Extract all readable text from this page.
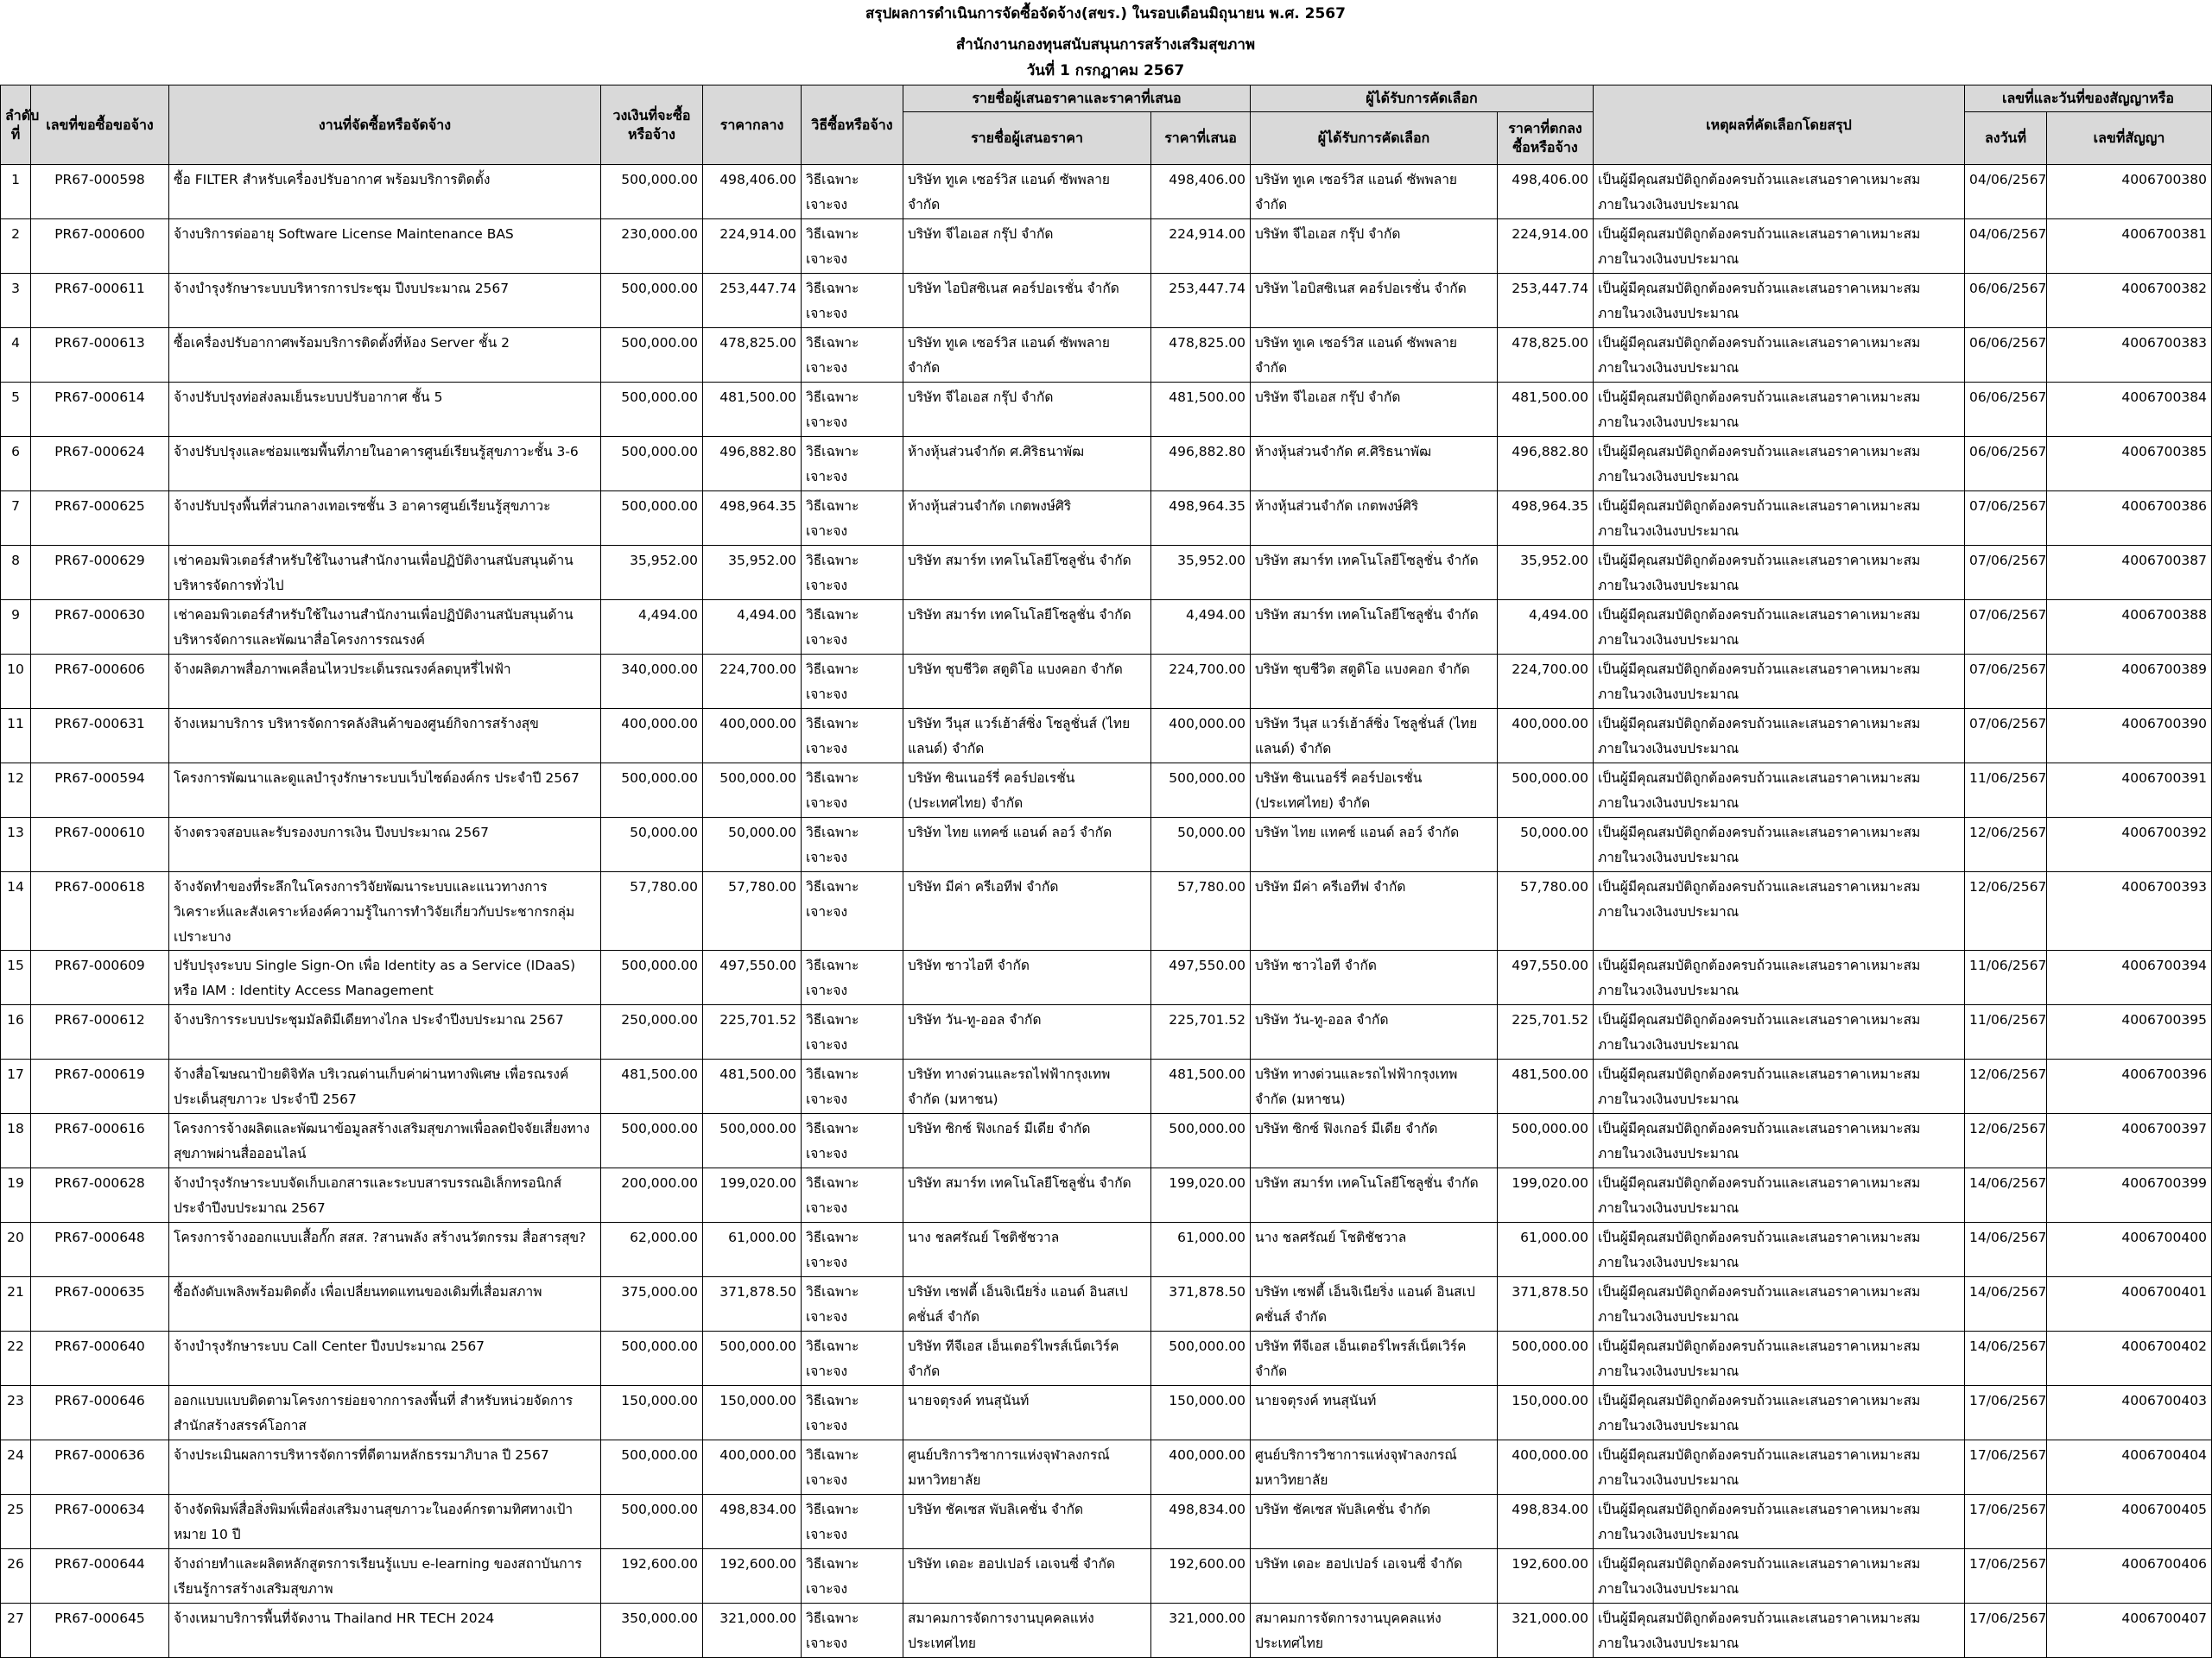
สรุปผลการดำเนินการจัดซื้อจัดจ้าง(สขร.) ในรอบเดือนมิถุนายน พ.ศ. 2567
สำนักงานกองทุนสนับสนุนการสร้างเสริมสุขภาพ
วันที่ 1 กรกฎาคม 2567
ลำดับที่	เลขที่ขอซื้อขอจ้าง	งานที่จัดซื้อหรือจัดจ้าง	วงเงินที่จะซื้อหรือจ้าง	ราคากลาง	วิธีซื้อหรือจ้าง	รายชื่อผู้เสนอราคาและราคาที่เสนอ		ผู้ได้รับการคัดเลือก		เหตุผลที่คัดเลือกโดยสรุป	เลขที่และวันที่ของสัญญาหรือ	
						รายชื่อผู้เสนอราคา	ราคาที่เสนอ	ผู้ได้รับการคัดเลือก	ราคาที่ตกลงซื้อหรือจ้าง		ลงวันที่	เลขที่สัญญา
1	PR67-000598	ซื้อ FILTER สำหรับเครื่องปรับอากาศ พร้อมบริการติดตั้ง	500,000.00	498,406.00	วิธีเฉพาะเจาะจง	บริษัท ทูเค เซอร์วิส แอนด์ ซัพพลาย จำกัด	498,406.00	บริษัท ทูเค เซอร์วิส แอนด์ ซัพพลาย จำกัด	498,406.00	เป็นผู้มีคุณสมบัติถูกต้องครบถ้วนและเสนอราคาเหมาะสมภายในวงเงินงบประมาณ	04/06/2567	4006700380
2	PR67-000600	จ้างบริการต่ออายุ Software License Maintenance BAS	230,000.00	224,914.00	วิธีเฉพาะเจาะจง	บริษัท จีไอเอส กรุ๊ป จำกัด	224,914.00	บริษัท จีไอเอส กรุ๊ป จำกัด	224,914.00	เป็นผู้มีคุณสมบัติถูกต้องครบถ้วนและเสนอราคาเหมาะสมภายในวงเงินงบประมาณ	04/06/2567	4006700381
3	PR67-000611	จ้างบำรุงรักษาระบบบริหารการประชุม ปีงบประมาณ 2567	500,000.00	253,447.74	วิธีเฉพาะเจาะจง	บริษัท ไอบิสซิเนส คอร์ปอเรชั่น จำกัด	253,447.74	บริษัท ไอบิสซิเนส คอร์ปอเรชั่น จำกัด	253,447.74	เป็นผู้มีคุณสมบัติถูกต้องครบถ้วนและเสนอราคาเหมาะสมภายในวงเงินงบประมาณ	06/06/2567	4006700382
4	PR67-000613	ซื้อเครื่องปรับอากาศพร้อมบริการติดตั้งที่ห้อง Server ชั้น 2	500,000.00	478,825.00	วิธีเฉพาะเจาะจง	บริษัท ทูเค เซอร์วิส แอนด์ ซัพพลาย จำกัด	478,825.00	บริษัท ทูเค เซอร์วิส แอนด์ ซัพพลาย จำกัด	478,825.00	เป็นผู้มีคุณสมบัติถูกต้องครบถ้วนและเสนอราคาเหมาะสมภายในวงเงินงบประมาณ	06/06/2567	4006700383
5	PR67-000614	จ้างปรับปรุงท่อส่งลมเย็นระบบปรับอากาศ ชั้น 5	500,000.00	481,500.00	วิธีเฉพาะเจาะจง	บริษัท จีไอเอส กรุ๊ป จำกัด	481,500.00	บริษัท จีไอเอส กรุ๊ป จำกัด	481,500.00	เป็นผู้มีคุณสมบัติถูกต้องครบถ้วนและเสนอราคาเหมาะสมภายในวงเงินงบประมาณ	06/06/2567	4006700384
6	PR67-000624	จ้างปรับปรุงและซ่อมแซมพื้นที่ภายในอาคารศูนย์เรียนรู้สุขภาวะชั้น 3-6	500,000.00	496,882.80	วิธีเฉพาะเจาะจง	ห้างหุ้นส่วนจำกัด ศ.ศิริธนาพัฒ	496,882.80	ห้างหุ้นส่วนจำกัด ศ.ศิริธนาพัฒ	496,882.80	เป็นผู้มีคุณสมบัติถูกต้องครบถ้วนและเสนอราคาเหมาะสมภายในวงเงินงบประมาณ	06/06/2567	4006700385
7	PR67-000625	จ้างปรับปรุงพื้นที่ส่วนกลางเทอเรซชั้น 3 อาคารศูนย์เรียนรู้สุขภาวะ	500,000.00	498,964.35	วิธีเฉพาะเจาะจง	ห้างหุ้นส่วนจำกัด เกตพงษ์ศิริ	498,964.35	ห้างหุ้นส่วนจำกัด เกตพงษ์ศิริ	498,964.35	เป็นผู้มีคุณสมบัติถูกต้องครบถ้วนและเสนอราคาเหมาะสมภายในวงเงินงบประมาณ	07/06/2567	4006700386
8	PR67-000629	เช่าคอมพิวเตอร์สำหรับใช้ในงานสำนักงานเพื่อปฏิบัติงานสนับสนุนด้านบริหารจัดการทั่วไป	35,952.00	35,952.00	วิธีเฉพาะเจาะจง	บริษัท สมาร์ท เทคโนโลยีโซลูชั่น จำกัด	35,952.00	บริษัท สมาร์ท เทคโนโลยีโซลูชั่น จำกัด	35,952.00	เป็นผู้มีคุณสมบัติถูกต้องครบถ้วนและเสนอราคาเหมาะสมภายในวงเงินงบประมาณ	07/06/2567	4006700387
9	PR67-000630	เช่าคอมพิวเตอร์สำหรับใช้ในงานสำนักงานเพื่อปฏิบัติงานสนับสนุนด้านบริหารจัดการและพัฒนาสื่อโครงการรณรงค์	4,494.00	4,494.00	วิธีเฉพาะเจาะจง	บริษัท สมาร์ท เทคโนโลยีโซลูชั่น จำกัด	4,494.00	บริษัท สมาร์ท เทคโนโลยีโซลูชั่น จำกัด	4,494.00	เป็นผู้มีคุณสมบัติถูกต้องครบถ้วนและเสนอราคาเหมาะสมภายในวงเงินงบประมาณ	07/06/2567	4006700388
10	PR67-000606	จ้างผลิตภาพสื่อภาพเคลื่อนไหวประเด็นรณรงค์ลดบุหรี่ไฟฟ้า	340,000.00	224,700.00	วิธีเฉพาะเจาะจง	บริษัท ชุบชีวิต สตูดิโอ แบงคอก จำกัด	224,700.00	บริษัท ชุบชีวิต สตูดิโอ แบงคอก จำกัด	224,700.00	เป็นผู้มีคุณสมบัติถูกต้องครบถ้วนและเสนอราคาเหมาะสมภายในวงเงินงบประมาณ	07/06/2567	4006700389
11	PR67-000631	จ้างเหมาบริการ บริหารจัดการคลังสินค้าของศูนย์กิจการสร้างสุข	400,000.00	400,000.00	วิธีเฉพาะเจาะจง	บริษัท วีนุส แวร์เฮ้าส์ซิ่ง โซลูชั่นส์ (ไทยแลนด์) จำกัด	400,000.00	บริษัท วีนุส แวร์เฮ้าส์ซิ่ง โซลูชั่นส์ (ไทยแลนด์) จำกัด	400,000.00	เป็นผู้มีคุณสมบัติถูกต้องครบถ้วนและเสนอราคาเหมาะสมภายในวงเงินงบประมาณ	07/06/2567	4006700390
12	PR67-000594	โครงการพัฒนาและดูแลบำรุงรักษาระบบเว็บไซต์องค์กร ประจำปี 2567	500,000.00	500,000.00	วิธีเฉพาะเจาะจง	บริษัท ซินเนอร์รี่ คอร์ปอเรชั่น (ประเทศไทย) จำกัด	500,000.00	บริษัท ซินเนอร์รี่ คอร์ปอเรชั่น (ประเทศไทย) จำกัด	500,000.00	เป็นผู้มีคุณสมบัติถูกต้องครบถ้วนและเสนอราคาเหมาะสมภายในวงเงินงบประมาณ	11/06/2567	4006700391
13	PR67-000610	จ้างตรวจสอบและรับรองงบการเงิน ปีงบประมาณ 2567	50,000.00	50,000.00	วิธีเฉพาะเจาะจง	บริษัท ไทย แทคซ์ แอนด์ ลอว์ จำกัด	50,000.00	บริษัท ไทย แทคซ์ แอนด์ ลอว์ จำกัด	50,000.00	เป็นผู้มีคุณสมบัติถูกต้องครบถ้วนและเสนอราคาเหมาะสมภายในวงเงินงบประมาณ	12/06/2567	4006700392
14	PR67-000618	จ้างจัดทำของที่ระลึกในโครงการวิจัยพัฒนาระบบและแนวทางการวิเคราะห์และสังเคราะห์องค์ความรู้ในการทำวิจัยเกี่ยวกับประชากรกลุ่มเปราะบาง	57,780.00	57,780.00	วิธีเฉพาะเจาะจง	บริษัท มีค่า ครีเอทีฟ จำกัด	57,780.00	บริษัท มีค่า ครีเอทีฟ จำกัด	57,780.00	เป็นผู้มีคุณสมบัติถูกต้องครบถ้วนและเสนอราคาเหมาะสมภายในวงเงินงบประมาณ	12/06/2567	4006700393
15	PR67-000609	ปรับปรุงระบบ Single Sign-On เพื่อ Identity as a Service (IDaaS) หรือ IAM : Identity Access Management	500,000.00	497,550.00	วิธีเฉพาะเจาะจง	บริษัท ซาวไอที จำกัด	497,550.00	บริษัท ซาวไอที จำกัด	497,550.00	เป็นผู้มีคุณสมบัติถูกต้องครบถ้วนและเสนอราคาเหมาะสมภายในวงเงินงบประมาณ	11/06/2567	4006700394
16	PR67-000612	จ้างบริการระบบประชุมมัลติมีเดียทางไกล ประจำปีงบประมาณ 2567	250,000.00	225,701.52	วิธีเฉพาะเจาะจง	บริษัท วัน-ทู-ออล จำกัด	225,701.52	บริษัท วัน-ทู-ออล จำกัด	225,701.52	เป็นผู้มีคุณสมบัติถูกต้องครบถ้วนและเสนอราคาเหมาะสมภายในวงเงินงบประมาณ	11/06/2567	4006700395
17	PR67-000619	จ้างสื่อโฆษณาป้ายดิจิทัล บริเวณด่านเก็บค่าผ่านทางพิเศษ เพื่อรณรงค์ประเด็นสุขภาวะ ประจำปี 2567	481,500.00	481,500.00	วิธีเฉพาะเจาะจง	บริษัท ทางด่วนและรถไฟฟ้ากรุงเทพ จำกัด (มหาชน)	481,500.00	บริษัท ทางด่วนและรถไฟฟ้ากรุงเทพ จำกัด (มหาชน)	481,500.00	เป็นผู้มีคุณสมบัติถูกต้องครบถ้วนและเสนอราคาเหมาะสมภายในวงเงินงบประมาณ	12/06/2567	4006700396
18	PR67-000616	โครงการจ้างผลิตและพัฒนาข้อมูลสร้างเสริมสุขภาพเพื่อลดปัจจัยเสี่ยงทางสุขภาพผ่านสื่อออนไลน์	500,000.00	500,000.00	วิธีเฉพาะเจาะจง	บริษัท ซิกซ์ ฟิงเกอร์ มีเดีย จำกัด	500,000.00	บริษัท ซิกซ์ ฟิงเกอร์ มีเดีย จำกัด	500,000.00	เป็นผู้มีคุณสมบัติถูกต้องครบถ้วนและเสนอราคาเหมาะสมภายในวงเงินงบประมาณ	12/06/2567	4006700397
19	PR67-000628	จ้างบำรุงรักษาระบบจัดเก็บเอกสารและระบบสารบรรณอิเล็กทรอนิกส์ประจำปีงบประมาณ 2567	200,000.00	199,020.00	วิธีเฉพาะเจาะจง	บริษัท สมาร์ท เทคโนโลยีโซลูชั่น จำกัด	199,020.00	บริษัท สมาร์ท เทคโนโลยีโซลูชั่น จำกัด	199,020.00	เป็นผู้มีคุณสมบัติถูกต้องครบถ้วนและเสนอราคาเหมาะสมภายในวงเงินงบประมาณ	14/06/2567	4006700399
20	PR67-000648	โครงการจ้างออกแบบเสื้อกั๊ก สสส. ?สานพลัง สร้างนวัตกรรม สื่อสารสุข?	62,000.00	61,000.00	วิธีเฉพาะเจาะจง	นาง ชลศรัณย์ โชติชัชวาล	61,000.00	นาง ชลศรัณย์ โชติชัชวาล	61,000.00	เป็นผู้มีคุณสมบัติถูกต้องครบถ้วนและเสนอราคาเหมาะสมภายในวงเงินงบประมาณ	14/06/2567	4006700400
21	PR67-000635	ซื้อถังดับเพลิงพร้อมติดตั้ง เพื่อเปลี่ยนทดแทนของเดิมที่เสื่อมสภาพ	375,000.00	371,878.50	วิธีเฉพาะเจาะจง	บริษัท เซฟตี้ เอ็นจิเนียริ่ง แอนด์ อินสเปคชั่นส์ จำกัด	371,878.50	บริษัท เซฟตี้ เอ็นจิเนียริ่ง แอนด์ อินสเปคชั่นส์ จำกัด	371,878.50	เป็นผู้มีคุณสมบัติถูกต้องครบถ้วนและเสนอราคาเหมาะสมภายในวงเงินงบประมาณ	14/06/2567	4006700401
22	PR67-000640	จ้างบำรุงรักษาระบบ Call Center ปีงบประมาณ 2567	500,000.00	500,000.00	วิธีเฉพาะเจาะจง	บริษัท ทีจีเอส เอ็นเตอร์ไพรส์เน็ตเวิร์ค จำกัด	500,000.00	บริษัท ทีจีเอส เอ็นเตอร์ไพรส์เน็ตเวิร์ค จำกัด	500,000.00	เป็นผู้มีคุณสมบัติถูกต้องครบถ้วนและเสนอราคาเหมาะสมภายในวงเงินงบประมาณ	14/06/2567	4006700402
23	PR67-000646	ออกแบบแบบติดตามโครงการย่อยจากการลงพื้นที่ สำหรับหน่วยจัดการสำนักสร้างสรรค์โอกาส	150,000.00	150,000.00	วิธีเฉพาะเจาะจง	นายจตุรงค์ ทนสุนันท์	150,000.00	นายจตุรงค์ ทนสุนันท์	150,000.00	เป็นผู้มีคุณสมบัติถูกต้องครบถ้วนและเสนอราคาเหมาะสมภายในวงเงินงบประมาณ	17/06/2567	4006700403
24	PR67-000636	จ้างประเมินผลการบริหารจัดการที่ดีตามหลักธรรมาภิบาล ปี 2567	500,000.00	400,000.00	วิธีเฉพาะเจาะจง	ศูนย์บริการวิชาการแห่งจุฬาลงกรณ์มหาวิทยาลัย	400,000.00	ศูนย์บริการวิชาการแห่งจุฬาลงกรณ์มหาวิทยาลัย	400,000.00	เป็นผู้มีคุณสมบัติถูกต้องครบถ้วนและเสนอราคาเหมาะสมภายในวงเงินงบประมาณ	17/06/2567	4006700404
25	PR67-000634	จ้างจัดพิมพ์สื่อสิ่งพิมพ์เพื่อส่งเสริมงานสุขภาวะในองค์กรตามทิศทางเป้าหมาย 10 ปี	500,000.00	498,834.00	วิธีเฉพาะเจาะจง	บริษัท ชัคเซส พับลิเคชั่น จำกัด	498,834.00	บริษัท ชัคเซส พับลิเคชั่น จำกัด	498,834.00	เป็นผู้มีคุณสมบัติถูกต้องครบถ้วนและเสนอราคาเหมาะสมภายในวงเงินงบประมาณ	17/06/2567	4006700405
26	PR67-000644	จ้างถ่ายทำและผลิตหลักสูตรการเรียนรู้แบบ e-learning ของสถาบันการเรียนรู้การสร้างเสริมสุขภาพ	192,600.00	192,600.00	วิธีเฉพาะเจาะจง	บริษัท เดอะ ฮอปเปอร์ เอเจนซี่ จำกัด	192,600.00	บริษัท เดอะ ฮอปเปอร์ เอเจนซี่ จำกัด	192,600.00	เป็นผู้มีคุณสมบัติถูกต้องครบถ้วนและเสนอราคาเหมาะสมภายในวงเงินงบประมาณ	17/06/2567	4006700406
27	PR67-000645	จ้างเหมาบริการพื้นที่จัดงาน Thailand HR TECH 2024	350,000.00	321,000.00	วิธีเฉพาะเจาะจง	สมาคมการจัดการงานบุคคลแห่งประเทศไทย	321,000.00	สมาคมการจัดการงานบุคคลแห่งประเทศไทย	321,000.00	เป็นผู้มีคุณสมบัติถูกต้องครบถ้วนและเสนอราคาเหมาะสมภายในวงเงินงบประมาณ	17/06/2567	4006700407
